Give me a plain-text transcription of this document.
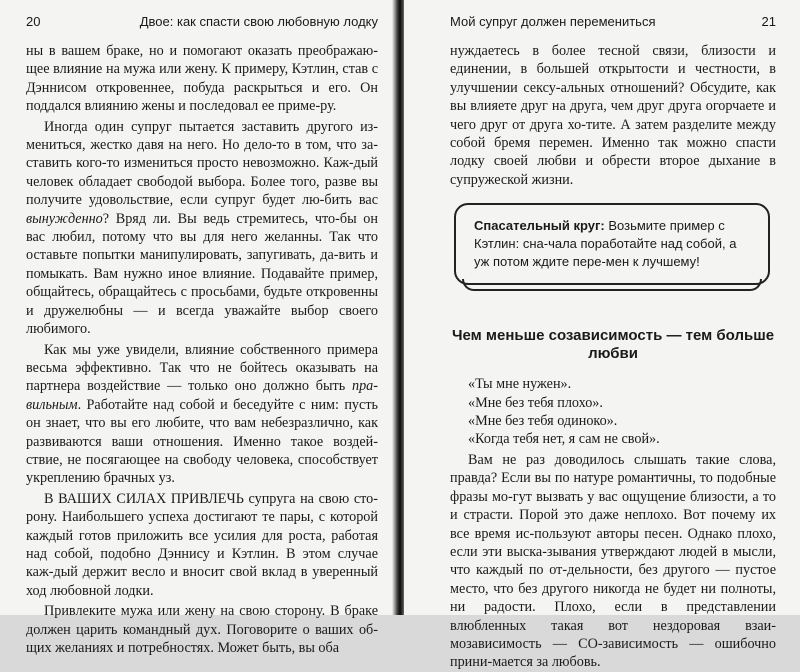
20	Двое: как спасти свою любовную лодку

ны в вашем браке, но и помогают оказать преображаю-щее влияние на мужа или жену. К примеру, Кэтлин, став с Дэннисом откровеннее, побуда раскрыться и его. Он поддался влиянию жены и последовал ее приме-ру.

Иногда один супруг пытается заставить другого из-мениться, жестко давя на него. Но дело-то в том, что за-ставить кого-то измениться просто невозможно. Каж-дый человек обладает свободой выбора. Более того, разве вы получите удовольствие, если супруг будет лю-бить вас вынужденно? Вряд ли. Вы ведь стремитесь, что-бы он вас любил, потому что вы для него желанны. Так что оставьте попытки манипулировать, запугивать, да-вить и помыкать. Вам нужно иное влияние. Подавайте пример, общайтесь, обращайтесь с просьбами, будьте откровенны и дружелюбны — и всегда уважайте выбор своего любимого.

Как мы уже увидели, влияние собственного примера весьма эффективно. Так что не бойтесь оказывать на партнера воздействие — только оно должно быть пра-вильным. Работайте над собой и беседуйте с ним: пусть он знает, что вы его любите, что вам небезразлично, как развиваются ваши отношения. Именно такое воздей-ствие, не посягающее на свободу человека, способствует укреплению брачных уз.

В ВАШИХ СИЛАХ ПРИВЛЕЧЬ супруга на свою сто-рону. Наибольшего успеха достигают те пары, с которой каждый готов приложить все усилия для роста, работая над собой, подобно Дэннису и Кэтлин. В этом случае каж-дый держит весло и вносит свой вклад в уверенный ход любовной лодки.

Привлеките мужа или жену на свою сторону. В браке должен царить командный дух. Поговорите о ваших об-щих желаниях и потребностях. Может быть, вы оба

Мой супруг должен перемениться	21

нуждаетесь в более тесной связи, близости и единении, в большей открытости и честности, в улучшении сексу-альных отношений? Обсудите, как вы влияете друг на друга, чем друг друга огорчаете и чего друг от друга хо-тите. А затем разделите между собой бремя перемен. Именно так можно спасти лодку своей любви и обрести второе дыхание в супружеской жизни.

Спасательный круг: Возьмите пример с Кэтлин: сна-чала поработайте над собой, а уж потом ждите пере-мен к лучшему!

Чем меньше созависимость — тем больше любви

«Ты мне нужен».

«Мне без тебя плохо».

«Мне без тебя одиноко».

«Когда тебя нет, я сам не свой».

Вам не раз доводилось слышать такие слова, правда? Если вы по натуре романтичны, то подобные фразы мо-гут вызвать у вас ощущение близости, а то и страсти. Порой это даже неплохо. Вот почему их все время ис-пользуют авторы песен. Однако плохо, если эти выска-зывания утверждают людей в мысли, что каждый по от-дельности, без другого — пустое место, что без другого никогда не будет ни полноты, ни радости. Плохо, если в представлении влюбленных такая вот нездоровая взаи-мозависимость — СО-зависимость — ошибочно прини-мается за любовь.
